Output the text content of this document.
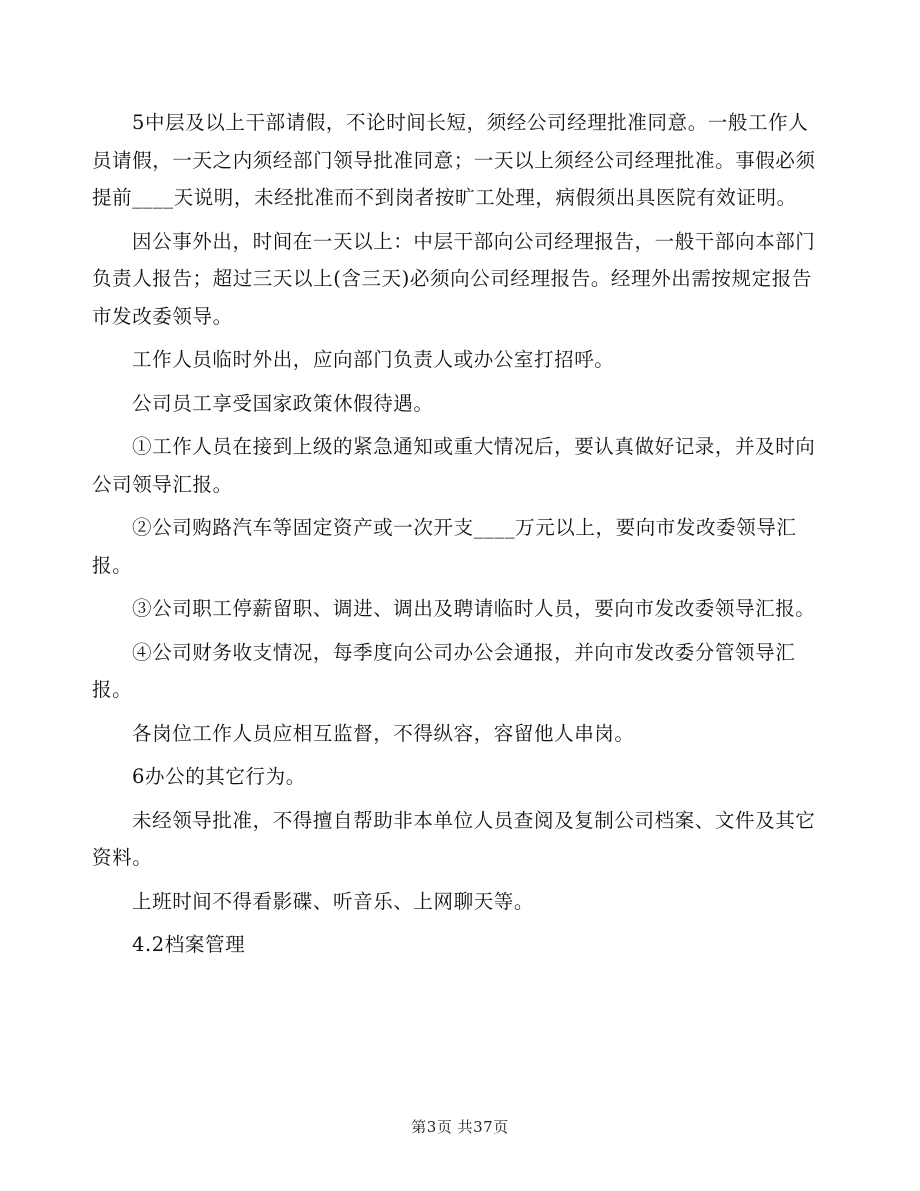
5中层及以上干部请假，不论时间长短，须经公司经理批准同意。一般工作人员请假，一天之内须经部门领导批准同意；一天以上须经公司经理批准。事假必须提前____天说明，未经批准而不到岗者按旷工处理，病假须出具医院有效证明。

因公事外出，时间在一天以上：中层干部向公司经理报告，一般干部向本部门负责人报告；超过三天以上(含三天)必须向公司经理报告。经理外出需按规定报告市发改委领导。

工作人员临时外出，应向部门负责人或办公室打招呼。

公司员工享受国家政策休假待遇。

①工作人员在接到上级的紧急通知或重大情况后，要认真做好记录，并及时向公司领导汇报。

②公司购路汽车等固定资产或一次开支____万元以上，要向市发改委领导汇报。

③公司职工停薪留职、调进、调出及聘请临时人员，要向市发改委领导汇报。

④公司财务收支情况，每季度向公司办公会通报，并向市发改委分管领导汇报。

各岗位工作人员应相互监督，不得纵容，容留他人串岗。

6办公的其它行为。

未经领导批准，不得擅自帮助非本单位人员查阅及复制公司档案、文件及其它资料。

上班时间不得看影碟、听音乐、上网聊天等。

4.2档案管理

第3页 共37页
